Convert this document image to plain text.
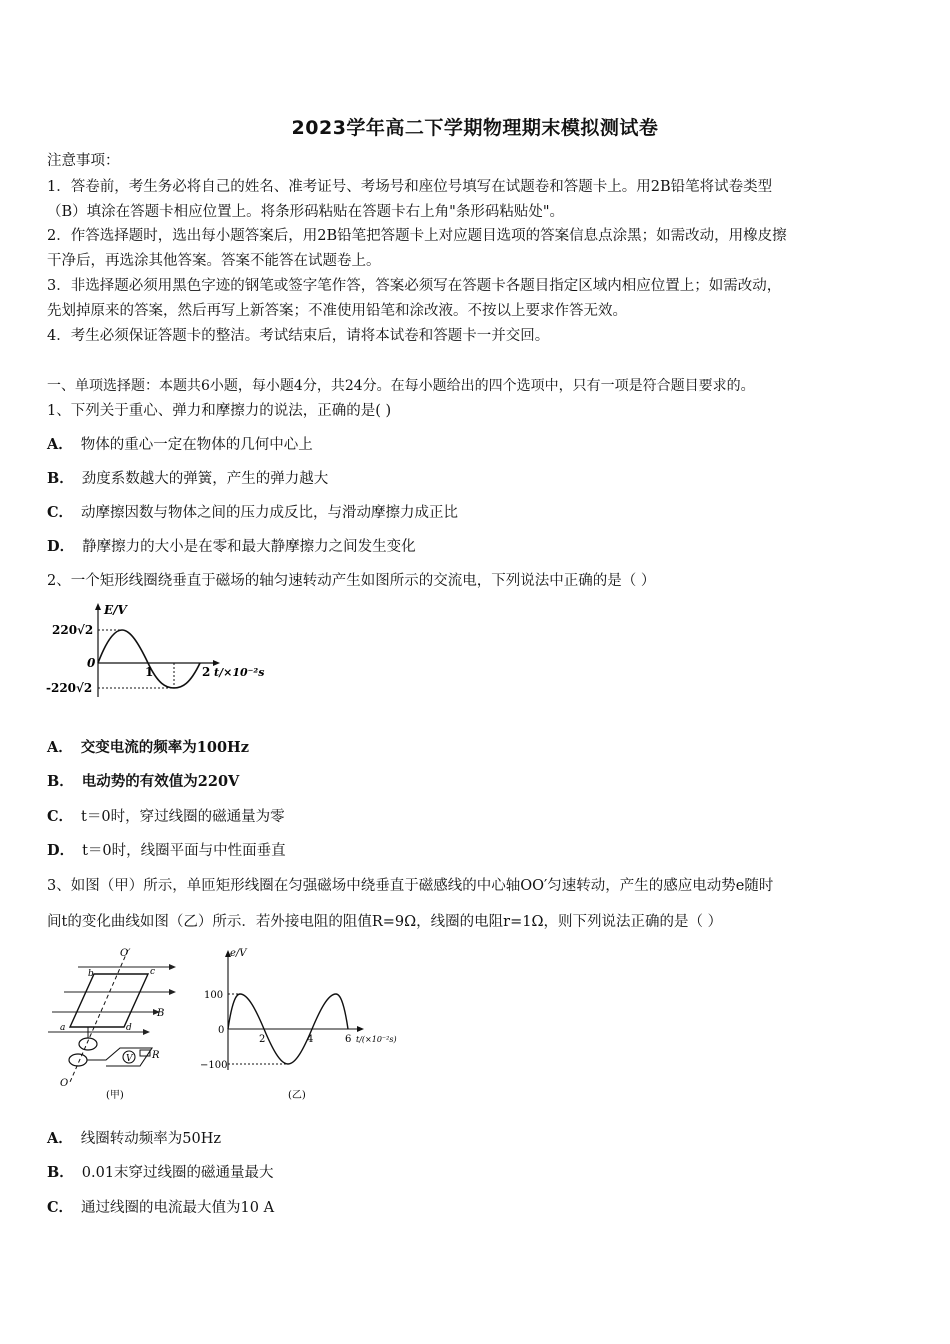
2023学年高二下学期物理期末模拟测试卷
注意事项：
1．答卷前，考生务必将自己的姓名、准考证号、考场号和座位号填写在试题卷和答题卡上。用2B铅笔将试卷类型
（B）填涂在答题卡相应位置上。将条形码粘贴在答题卡右上角"条形码粘贴处"。
2．作答选择题时，选出每小题答案后，用2B铅笔把答题卡上对应题目选项的答案信息点涂黑；如需改动，用橡皮擦
干净后，再选涂其他答案。答案不能答在试题卷上。
3．非选择题必须用黑色字迹的钢笔或签字笔作答，答案必须写在答题卡各题目指定区域内相应位置上；如需改动，
先划掉原来的答案，然后再写上新答案；不准使用铅笔和涂改液。不按以上要求作答无效。
4．考生必须保证答题卡的整洁。考试结束后，请将本试卷和答题卡一并交回。
一、单项选择题：本题共6小题，每小题4分，共24分。在每小题给出的四个选项中，只有一项是符合题目要求的。
1、下列关于重心、弹力和摩擦力的说法，正确的是( )
A． 物体的重心一定在物体的几何中心上
B． 劲度系数越大的弹簧，产生的弹力越大
C． 动摩擦因数与物体之间的压力成反比，与滑动摩擦力成正比
D． 静摩擦力的大小是在零和最大静摩擦力之间发生变化
2、一个矩形线圈绕垂直于磁场的轴匀速转动产生如图所示的交流电，下列说法中正确的是（ ）
E/V
220√2
0
-220√2
1	2 t/×10⁻²s
A． 交变电流的频率为100Hz
B． 电动势的有效值为220V
C． t＝0时，穿过线圈的磁通量为零
D． t＝0时，线圈平面与中性面垂直
3、如图（甲）所示，单匝矩形线圈在匀强磁场中绕垂直于磁感线的中心轴OO′匀速转动，产生的感应电动势e随时
间t的变化曲线如图（乙）所示．若外接电阻的阻值R=9Ω，线圈的电阻r=1Ω，则下列说法正确的是（ ）
V R
O′
O
b	c
a	d
B
(甲)
e/V
100
0
−100
2	4	6 t/(×10⁻²s)
(乙)
A． 线圈转动频率为50Hz
B． 0.01末穿过线圈的磁通量最大
C． 通过线圈的电流最大值为10 A
